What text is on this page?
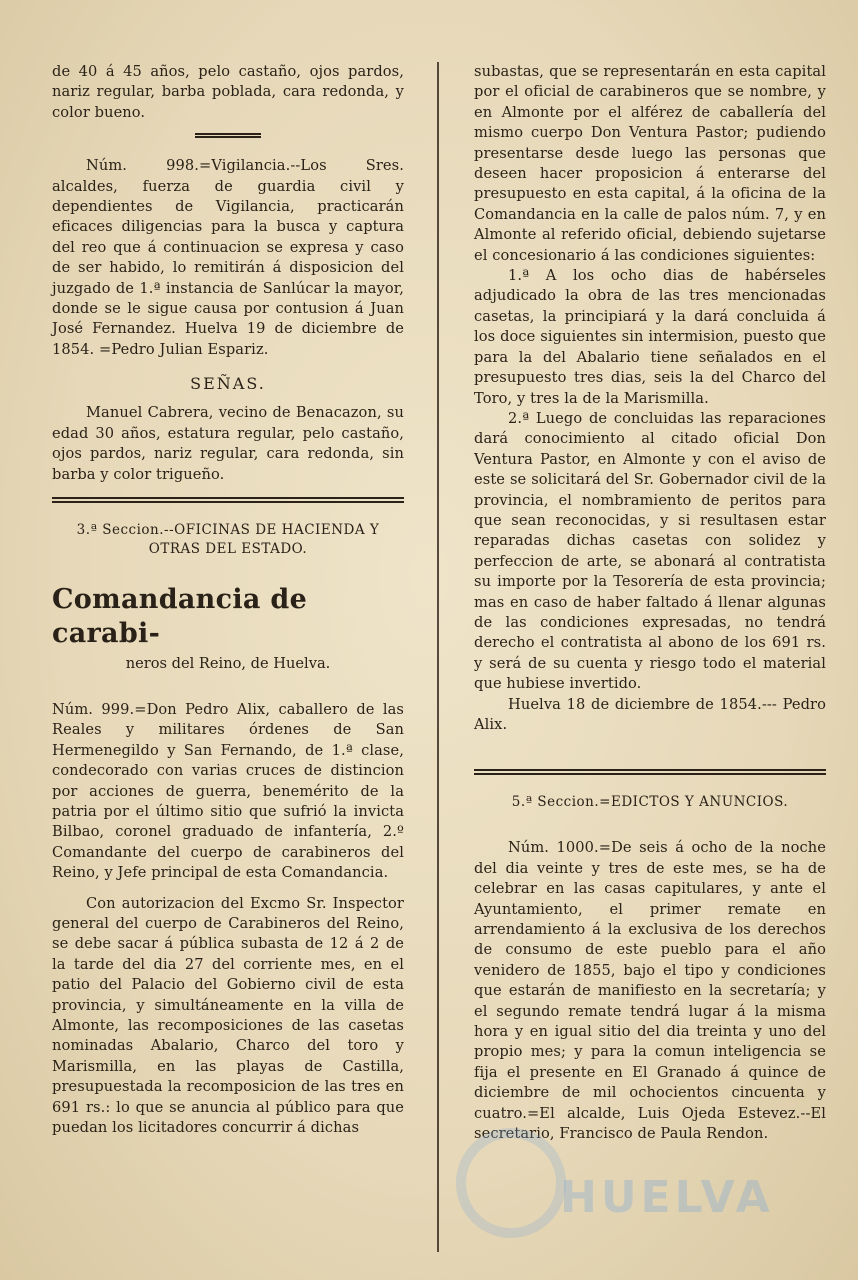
de 40 á 45 años, pelo castaño, ojos pardos, nariz regular, barba poblada, cara redonda, y color bueno.

Núm. 998.=Vigilancia.--Los Sres. alcaldes, fuerza de guardia civil y dependientes de Vigilancia, practicarán eficaces diligencias para la busca y captura del reo que á continuacion se expresa y caso de ser habido, lo remitirán á disposicion del juzgado de 1.ª instancia de Sanlúcar la mayor, donde se le sigue causa por contusion á Juan José Fernandez. Huelva 19 de diciembre de 1854. =Pedro Julian Espariz.

SEÑAS.

Manuel Cabrera, vecino de Benacazon, su edad 30 años, estatura regular, pelo castaño, ojos pardos, nariz regular, cara redonda, sin barba y color trigueño.

3.ª Seccion.--OFICINAS DE HACIENDA Y OTRAS DEL ESTADO.
Comandancia de carabi-
neros del Reino, de Huelva.

Núm. 999.=Don Pedro Alix, caballero de las Reales y militares órdenes de San Hermenegildo y San Fernando, de 1.ª clase, condecorado con varias cruces de distincion por acciones de guerra, benemérito de la patria por el último sitio que sufrió la invicta Bilbao, coronel graduado de infantería, 2.º Comandante del cuerpo de carabineros del Reino, y Jefe principal de esta Comandancia.

Con autorizacion del Excmo Sr. Inspector general del cuerpo de Carabineros del Reino, se debe sacar á pública subasta de 12 á 2 de la tarde del dia 27 del corriente mes, en el patio del Palacio del Gobierno civil de esta provincia, y simultáneamente en la villa de Almonte, las recomposiciones de las casetas nominadas Abalario, Charco del toro y Marismilla, en las playas de Castilla, presupuestada la recomposicion de las tres en 691 rs.: lo que se anuncia al público para que puedan los licitadores concurrir á dichas

subastas, que se representarán en esta capital por el oficial de carabineros que se nombre, y en Almonte por el alférez de caballería del mismo cuerpo Don Ventura Pastor; pudiendo presentarse desde luego las personas que deseen hacer proposicion á enterarse del presupuesto en esta capital, á la oficina de la Comandancia en la calle de palos núm. 7, y en Almonte al referido oficial, debiendo sujetarse el concesionario á las condiciones siguientes:

1.ª A los ocho dias de habérseles adjudicado la obra de las tres mencionadas casetas, la principiará y la dará concluida á los doce siguientes sin intermision, puesto que para la del Abalario tiene señalados en el presupuesto tres dias, seis la del Charco del Toro, y tres la de la Marismilla.

2.ª Luego de concluidas las reparaciones dará conocimiento al citado oficial Don Ventura Pastor, en Almonte y con el aviso de este se solicitará del Sr. Gobernador civil de la provincia, el nombramiento de peritos para que sean reconocidas, y si resultasen estar reparadas dichas casetas con solidez y perfeccion de arte, se abonará al contratista su importe por la Tesorería de esta provincia; mas en caso de haber faltado á llenar algunas de las condiciones expresadas, no tendrá derecho el contratista al abono de los 691 rs. y será de su cuenta y riesgo todo el material que hubiese invertido.

Huelva 18 de diciembre de 1854.--- Pedro Alix.

5.ª Seccion.=EDICTOS Y ANUNCIOS.

Núm. 1000.=De seis á ocho de la noche del dia veinte y tres de este mes, se ha de celebrar en las casas capitulares, y ante el Ayuntamiento, el primer remate en arrendamiento á la exclusiva de los derechos de consumo de este pueblo para el año venidero de 1855, bajo el tipo y condiciones que estarán de manifiesto en la secretaría; y el segundo remate tendrá lugar á la misma hora y en igual sitio del dia treinta y uno del propio mes; y para la comun inteligencia se fija el presente en El Granado á quince de diciembre de mil ochocientos cincuenta y cuatro.=El alcalde, Luis Ojeda Estevez.--El secretario, Francisco de Paula Rendon.

HUELVA
